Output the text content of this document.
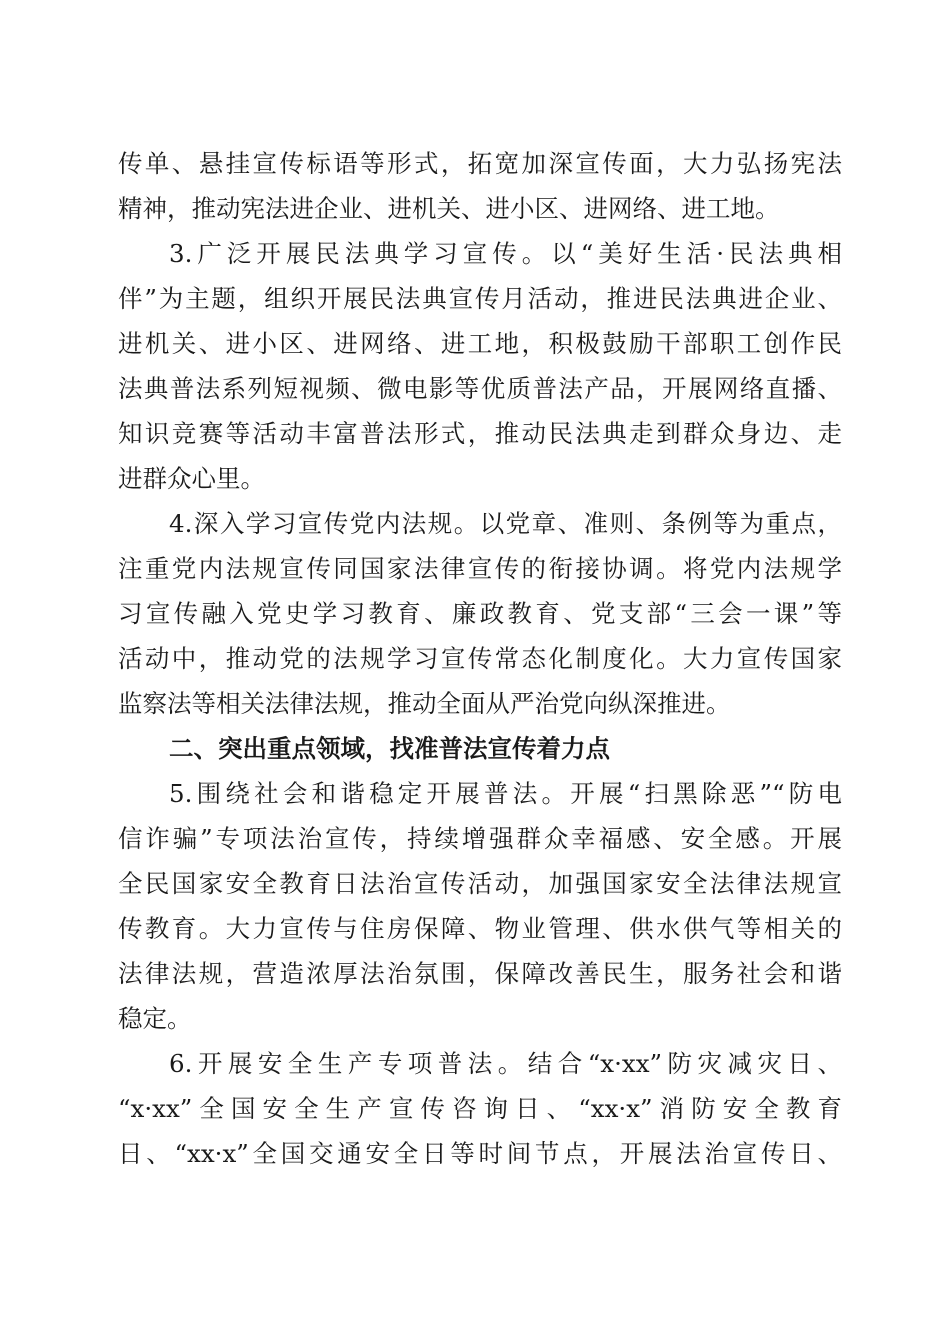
传单、悬挂宣传标语等形式，拓宽加深宣传面，大力弘扬宪法
精神，推动宪法进企业、进机关、进小区、进网络、进工地。
3.广泛开展民法典学习宣传。以“美好生活·民法典相
伴”为主题，组织开展民法典宣传月活动，推进民法典进企业、
进机关、进小区、进网络、进工地，积极鼓励干部职工创作民
法典普法系列短视频、微电影等优质普法产品，开展网络直播、
知识竞赛等活动丰富普法形式，推动民法典走到群众身边、走
进群众心里。
4.深入学习宣传党内法规。以党章、准则、条例等为重点，
注重党内法规宣传同国家法律宣传的衔接协调。将党内法规学
习宣传融入党史学习教育、廉政教育、党支部“三会一课”等
活动中，推动党的法规学习宣传常态化制度化。大力宣传国家
监察法等相关法律法规，推动全面从严治党向纵深推进。
二、突出重点领域，找准普法宣传着力点
5.围绕社会和谐稳定开展普法。开展“扫黑除恶”“防电
信诈骗”专项法治宣传，持续增强群众幸福感、安全感。开展
全民国家安全教育日法治宣传活动，加强国家安全法律法规宣
传教育。大力宣传与住房保障、物业管理、供水供气等相关的
法律法规，营造浓厚法治氛围，保障改善民生，服务社会和谐
稳定。
6.开展安全生产专项普法。结合“x·xx”防灾减灾日、
“x·xx”全国安全生产宣传咨询日、“xx·x”消防安全教育
日、“xx·x”全国交通安全日等时间节点，开展法治宣传日、
